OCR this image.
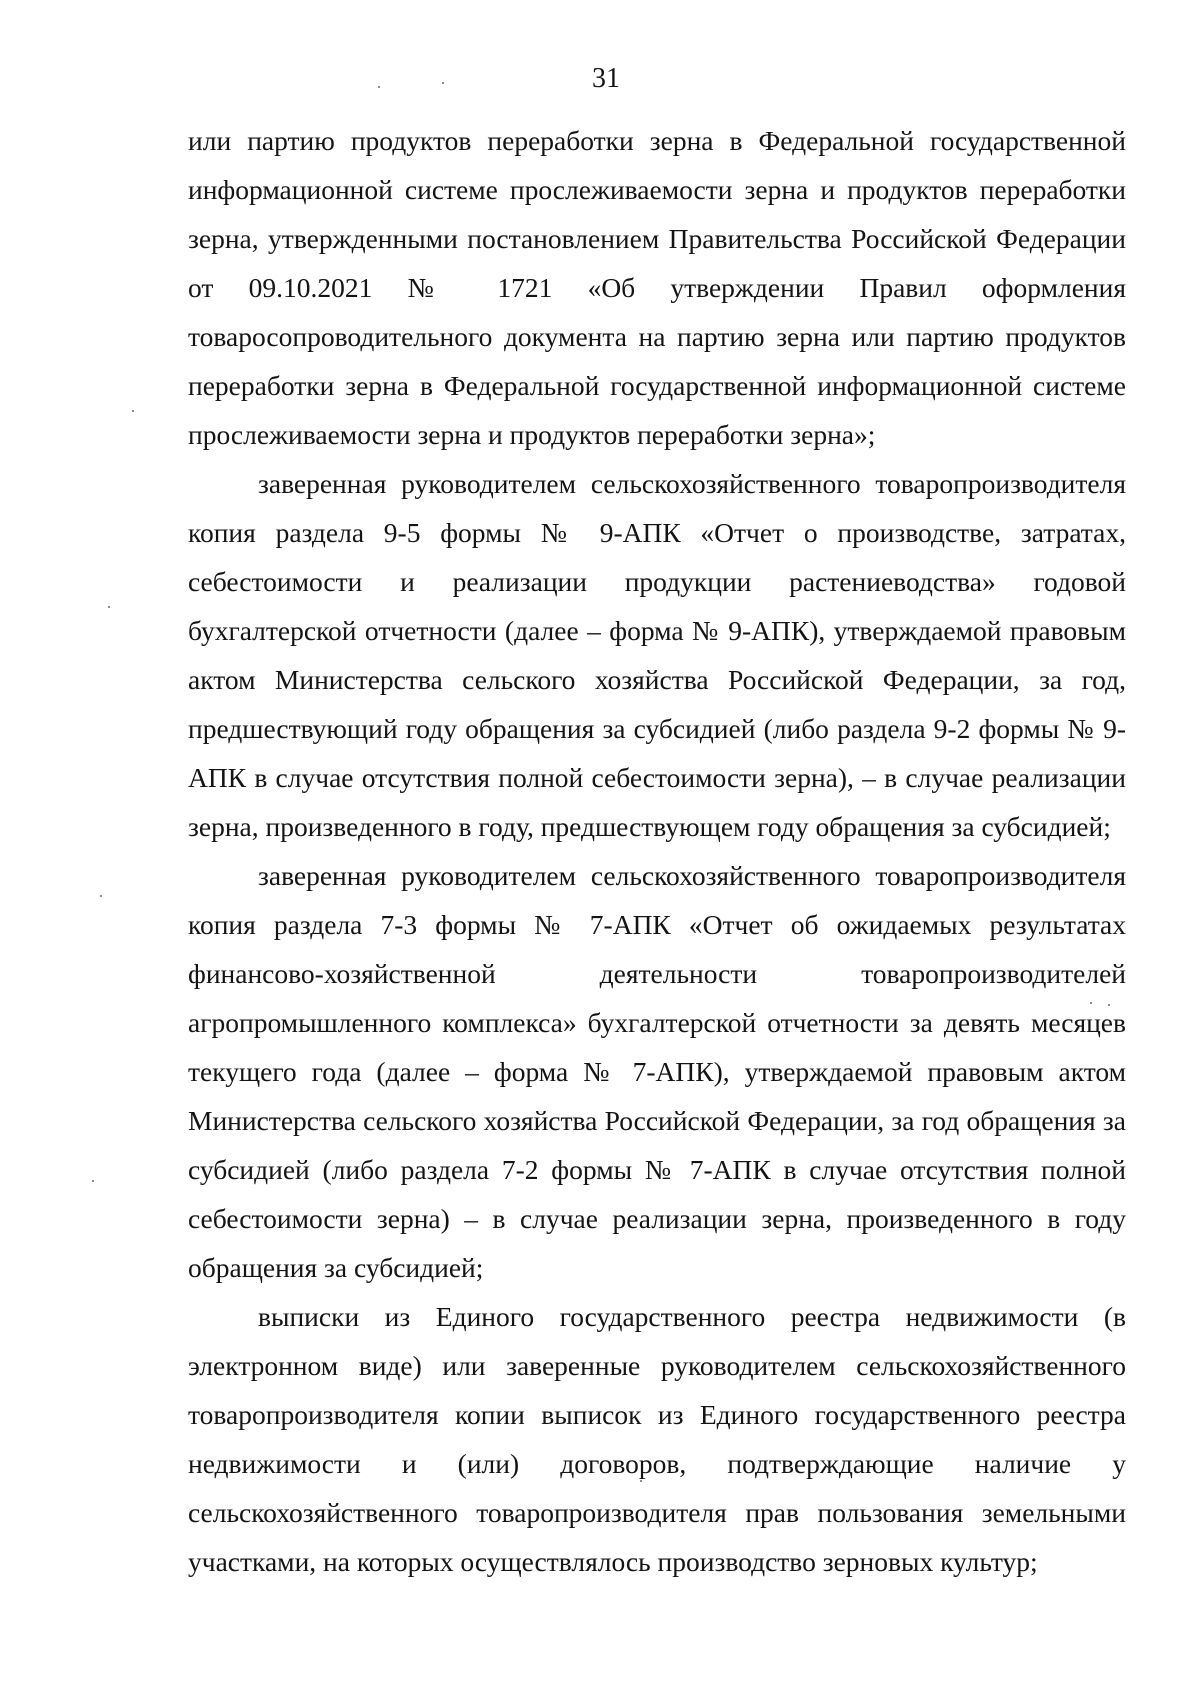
31

или партию продуктов переработки зерна в Федеральной государственной информационной системе прослеживаемости зерна и продуктов переработки зерна, утвержденными постановлением Правительства Российской Федерации от 09.10.2021 № 1721 «Об утверждении Правил оформления товаросопроводительного документа на партию зерна или партию продуктов переработки зерна в Федеральной государственной информационной системе прослеживаемости зерна и продуктов переработки зерна»;

заверенная руководителем сельскохозяйственного товаропроизводителя копия раздела 9-5 формы № 9-АПК «Отчет о производстве, затратах, себестоимости и реализации продукции растениеводства» годовой бухгалтерской отчетности (далее – форма № 9-АПК), утверждаемой правовым актом Министерства сельского хозяйства Российской Федерации, за год, предшествующий году обращения за субсидией (либо раздела 9-2 формы № 9-АПК в случае отсутствия полной себестоимости зерна), – в случае реализации зерна, произведенного в году, предшествующем году обращения за субсидией;

заверенная руководителем сельскохозяйственного товаропроизводителя копия раздела 7-3 формы № 7-АПК «Отчет об ожидаемых результатах финансово-хозяйственной деятельности товаропроизводителей агропромышленного комплекса» бухгалтерской отчетности за девять месяцев текущего года (далее – форма № 7-АПК), утверждаемой правовым актом Министерства сельского хозяйства Российской Федерации, за год обращения за субсидией (либо раздела 7-2 формы № 7-АПК в случае отсутствия полной себестоимости зерна) – в случае реализации зерна, произведенного в году обращения за субсидией;

выписки из Единого государственного реестра недвижимости (в электронном виде) или заверенные руководителем сельскохозяйственного товаропроизводителя копии выписок из Единого государственного реестра недвижимости и (или) договоров, подтверждающие наличие у сельскохозяйственного товаропроизводителя прав пользования земельными участками, на которых осуществлялось производство зерновых культур;
